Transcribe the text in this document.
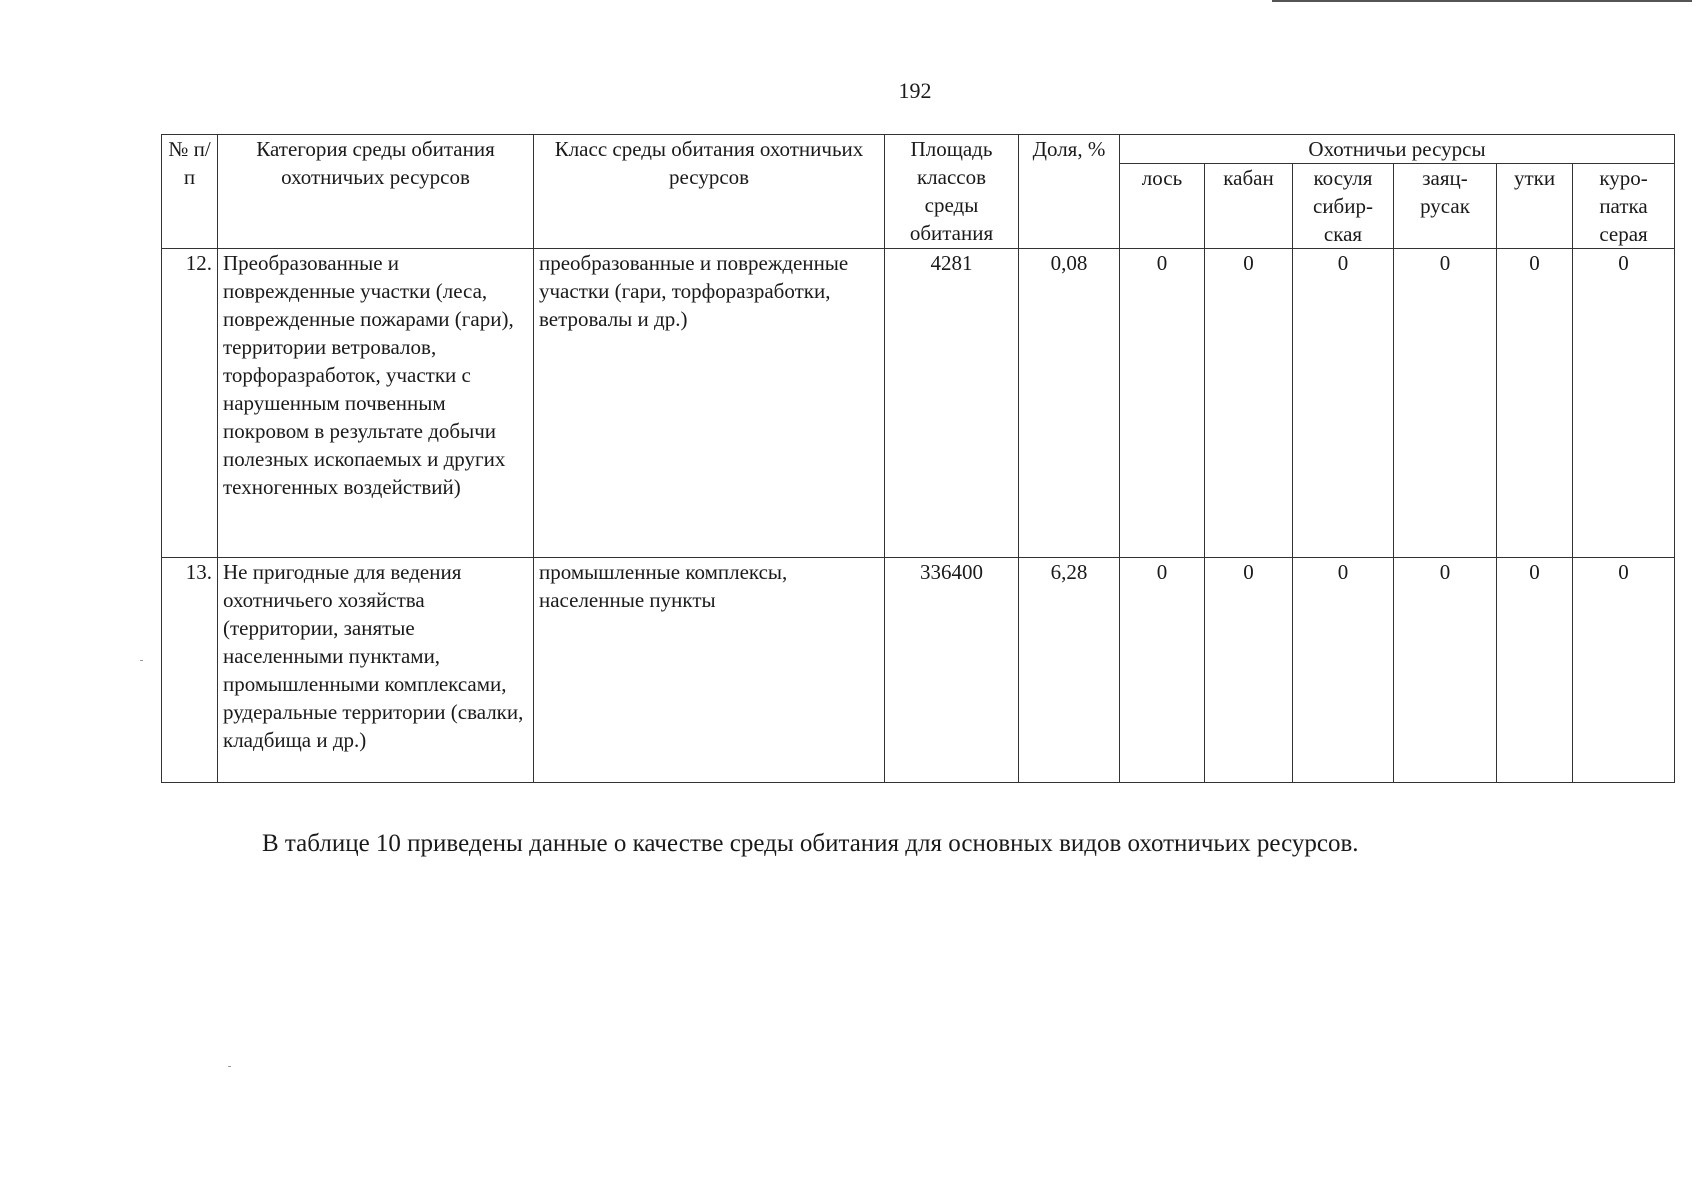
192
№ п/п	Категория среды обитания охотничьих ресурсов	Класс среды обитания охотничьих ресурсов	Площадь классов среды обитания	Доля, %	Охотничьи ресурсы					
					лось	кабан	косуля сибир-ская	заяц-русак	утки	куро-патка серая
12.	Преобразованные и поврежденные участки (леса, поврежденные пожарами (гари), территории ветровалов, торфоразработок, участки с нарушенным почвенным покровом в результате добычи полезных ископаемых и других техногенных воздействий)	преобразованные и поврежденные участки (гари, торфоразработки, ветровалы и др.)	4281	0,08	0	0	0	0	0	0
13.	Не пригодные для ведения охотничьего хозяйства (территории, занятые населенными пунктами, промышленными комплексами, рудеральные территории (свалки, кладбища и др.)	промышленные комплексы, населенные пункты	336400	6,28	0	0	0	0	0	0
В таблице 10 приведены данные о качестве среды обитания для основных видов охотничьих ресурсов.
